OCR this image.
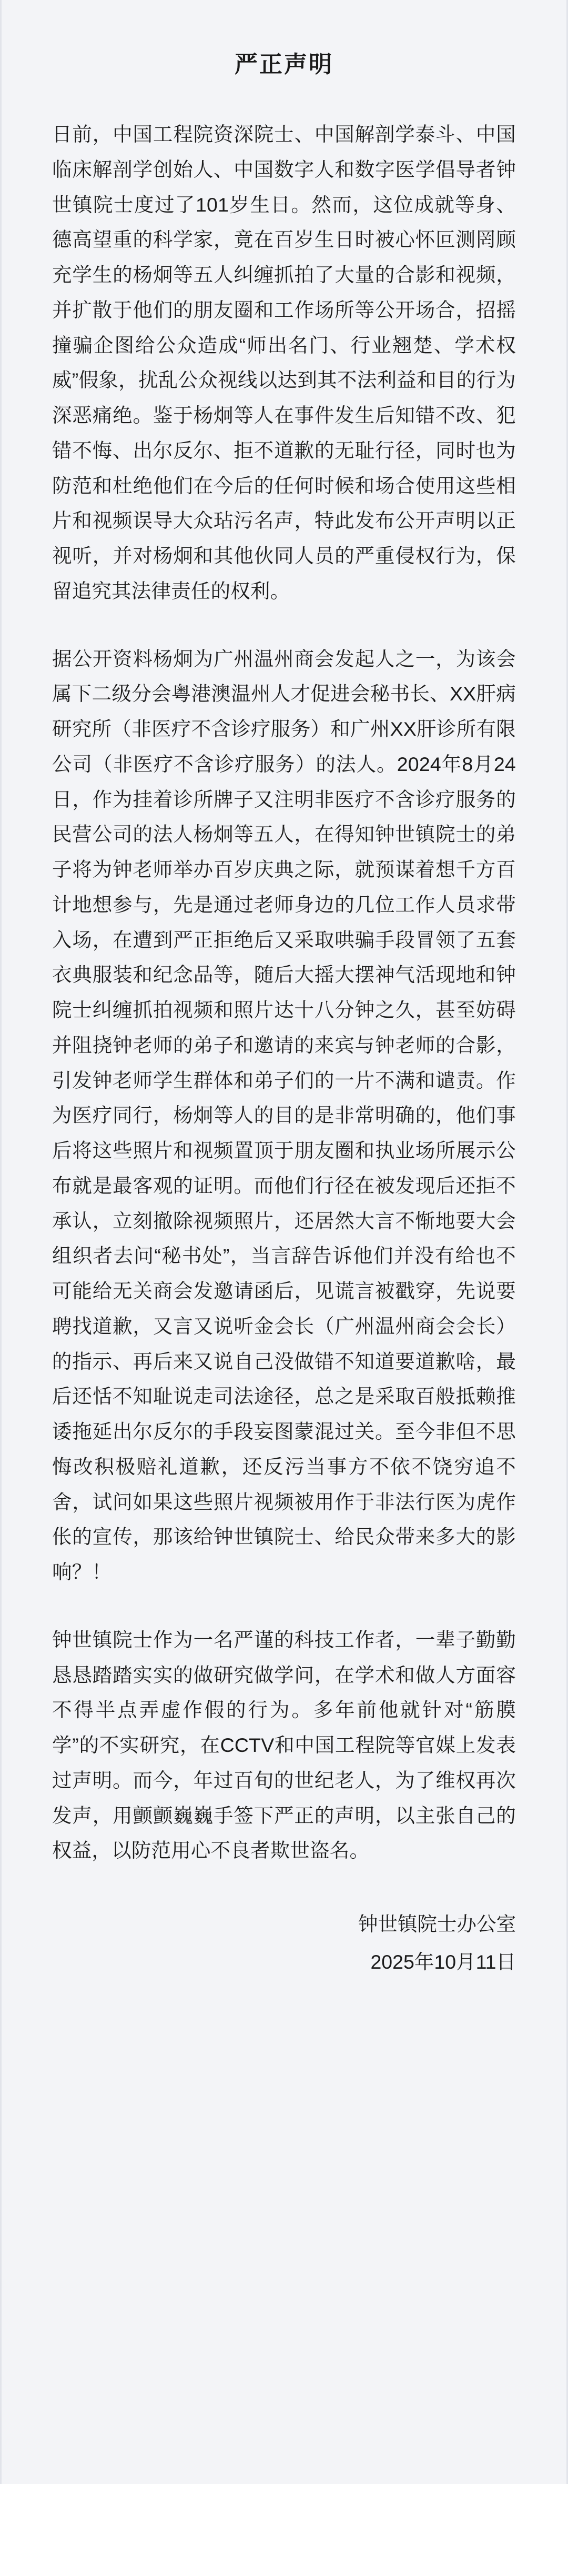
严正声明

日前，中国工程院资深院士、中国解剖学泰斗、中国临床解剖学创始人、中国数字人和数字医学倡导者钟世镇院士度过了101岁生日。然而，这位成就等身、德高望重的科学家，竟在百岁生日时被心怀叵测罔顾充学生的杨炯等五人纠缠抓拍了大量的合影和视频，并扩散于他们的朋友圈和工作场所等公开场合，招摇撞骗企图给公众造成“师出名门、行业翘楚、学术权威”假象，扰乱公众视线以达到其不法利益和目的行为深恶痛绝。鉴于杨炯等人在事件发生后知错不改、犯错不悔、出尔反尔、拒不道歉的无耻行径，同时也为防范和杜绝他们在今后的任何时候和场合使用这些相片和视频误导大众玷污名声，特此发布公开声明以正视听，并对杨炯和其他伙同人员的严重侵权行为，保留追究其法律责任的权利。

据公开资料杨炯为广州温州商会发起人之一，为该会属下二级分会粤港澳温州人才促进会秘书长、XX肝病研究所（非医疗不含诊疗服务）和广州XX肝诊所有限公司（非医疗不含诊疗服务）的法人。2024年8月24日，作为挂着诊所牌子又注明非医疗不含诊疗服务的民营公司的法人杨炯等五人，在得知钟世镇院士的弟子将为钟老师举办百岁庆典之际，就预谋着想千方百计地想参与，先是通过老师身边的几位工作人员求带入场，在遭到严正拒绝后又采取哄骗手段冒领了五套衣典服装和纪念品等，随后大摇大摆神气活现地和钟院士纠缠抓拍视频和照片达十八分钟之久，甚至妨碍并阻挠钟老师的弟子和邀请的来宾与钟老师的合影，引发钟老师学生群体和弟子们的一片不满和谴责。作为医疗同行，杨炯等人的目的是非常明确的，他们事后将这些照片和视频置顶于朋友圈和执业场所展示公布就是最客观的证明。而他们行径在被发现后还拒不承认，立刻撤除视频照片，还居然大言不惭地要大会组织者去问“秘书处”，当言辞告诉他们并没有给也不可能给无关商会发邀请函后，见谎言被戳穿，先说要聘找道歉，又言又说听金会长（广州温州商会会长）的指示、再后来又说自己没做错不知道要道歉啥，最后还恬不知耻说走司法途径，总之是采取百般抵赖推诿拖延出尔反尔的手段妄图蒙混过关。至今非但不思悔改积极赔礼道歉，还反污当事方不依不饶穷追不舍，试问如果这些照片视频被用作于非法行医为虎作伥的宣传，那该给钟世镇院士、给民众带来多大的影响？！

钟世镇院士作为一名严谨的科技工作者，一辈子勤勤恳恳踏踏实实的做研究做学问，在学术和做人方面容不得半点弄虚作假的行为。多年前他就针对“筋膜学”的不实研究，在CCTV和中国工程院等官媒上发表过声明。而今，年过百旬的世纪老人，为了维权再次发声，用颤颤巍巍手签下严正的声明，以主张自己的权益，以防范用心不良者欺世盗名。

钟世镇院士办公室
2025年10月11日
